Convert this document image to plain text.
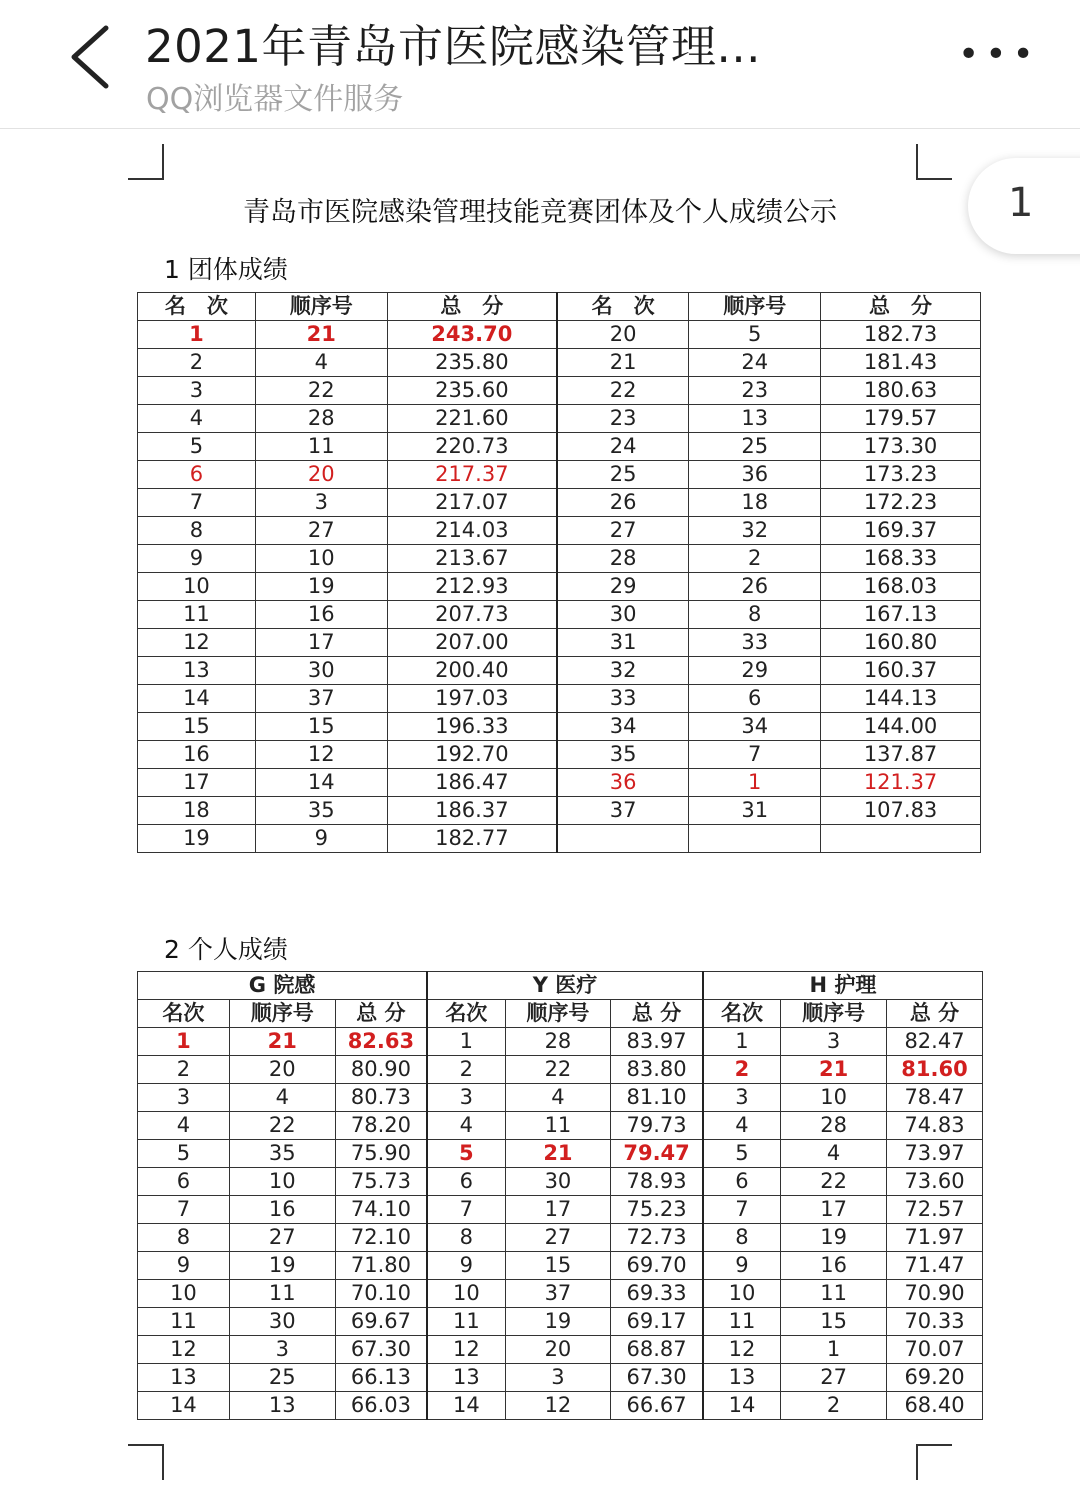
2021年青岛市医院感染管理...
QQ浏览器文件服务
•••
1
青岛市医院感染管理技能竞赛团体及个人成绩公示
1 团体成绩
名　次	顺序号	总　分	名　次	顺序号	总　分
1	21	243.70	20	5	182.73
2	4	235.80	21	24	181.43
3	22	235.60	22	23	180.63
4	28	221.60	23	13	179.57
5	11	220.73	24	25	173.30
6	20	217.37	25	36	173.23
7	3	217.07	26	18	172.23
8	27	214.03	27	32	169.37
9	10	213.67	28	2	168.33
10	19	212.93	29	26	168.03
11	16	207.73	30	8	167.13
12	17	207.00	31	33	160.80
13	30	200.40	32	29	160.37
14	37	197.03	33	6	144.13
15	15	196.33	34	34	144.00
16	12	192.70	35	7	137.87
17	14	186.47	36	1	121.37
18	35	186.37	37	31	107.83
19	9	182.77			
2 个人成绩
G 院感			Y 医疗			H 护理		
名次	顺序号	总 分	名次	顺序号	总 分	名次	顺序号	总 分
1	21	82.63	1	28	83.97	1	3	82.47
2	20	80.90	2	22	83.80	2	21	81.60
3	4	80.73	3	4	81.10	3	10	78.47
4	22	78.20	4	11	79.73	4	28	74.83
5	35	75.90	5	21	79.47	5	4	73.97
6	10	75.73	6	30	78.93	6	22	73.60
7	16	74.10	7	17	75.23	7	17	72.57
8	27	72.10	8	27	72.73	8	19	71.97
9	19	71.80	9	15	69.70	9	16	71.47
10	11	70.10	10	37	69.33	10	11	70.90
11	30	69.67	11	19	69.17	11	15	70.33
12	3	67.30	12	20	68.87	12	1	70.07
13	25	66.13	13	3	67.30	13	27	69.20
14	13	66.03	14	12	66.67	14	2	68.40
